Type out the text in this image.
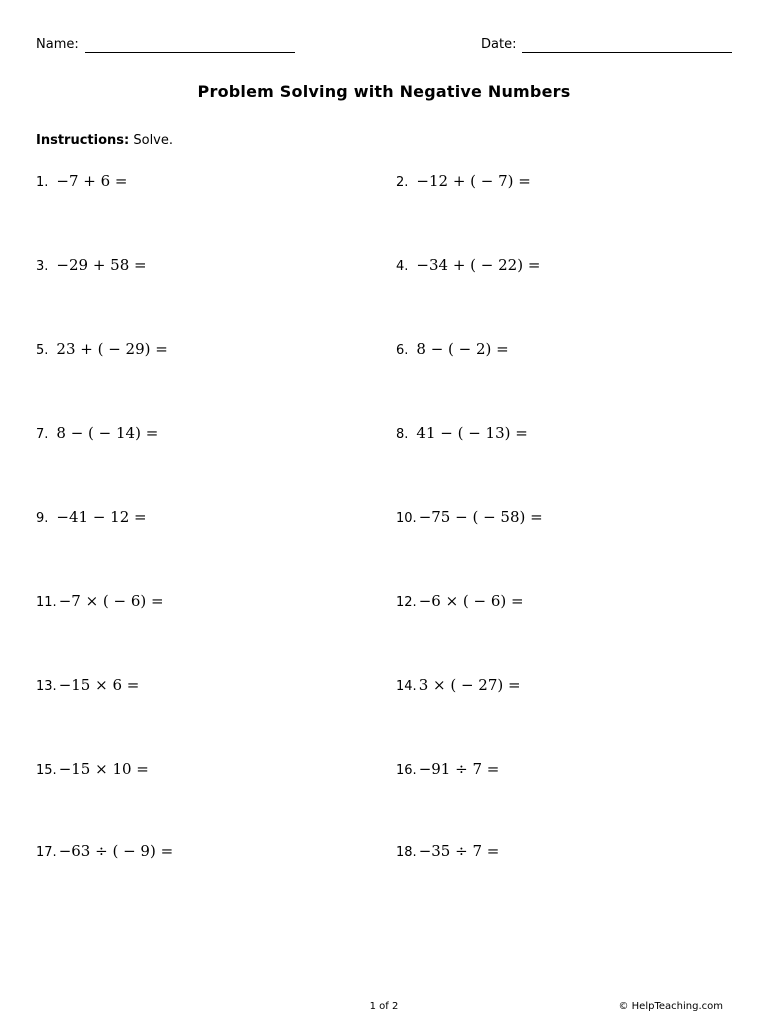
Name:	Date:
Problem Solving with Negative Numbers
Instructions: Solve.
1. −7 + 6 =	2. −12 + ( − 7) =
3. −29 + 58 =	4. −34 + ( − 22) =
5. 23 + ( − 29) =	6. 8 − ( − 2) =
7. 8 − ( − 14) =	8. 41 − ( − 13) =
9. −41 − 12 =	10. −75 − ( − 58) =
11. −7 × ( − 6) =	12. −6 × ( − 6) =
13. −15 × 6 =	14. 3 × ( − 27) =
15. −15 × 10 =	16. −91 ÷ 7 =
17. −63 ÷ ( − 9) =	18. −35 ÷ 7 =
1 of 2	© HelpTeaching.com
